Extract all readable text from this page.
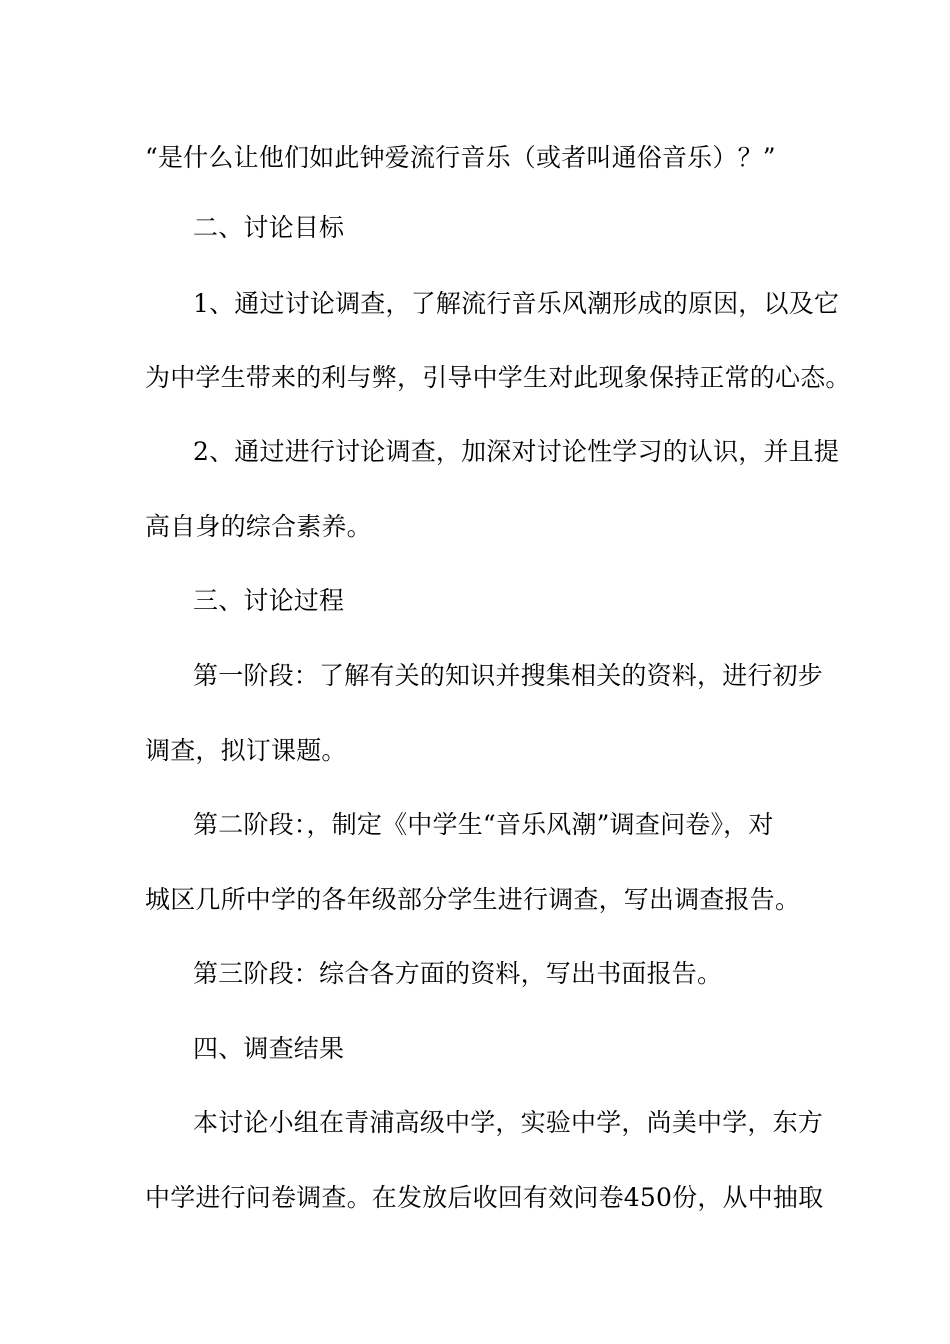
“是什么让他们如此钟爱流行音乐（或者叫通俗音乐）？”
二、讨论目标
1、通过讨论调查，了解流行音乐风潮形成的原因，以及它
为中学生带来的利与弊，引导中学生对此现象保持正常的心态。
2、通过进行讨论调查，加深对讨论性学习的认识，并且提
高自身的综合素养。
三、讨论过程
第一阶段：了解有关的知识并搜集相关的资料，进行初步
调查，拟订课题。
第二阶段：，制定《中学生“音乐风潮”调查问卷》，对
城区几所中学的各年级部分学生进行调查，写出调查报告。
第三阶段：综合各方面的资料，写出书面报告。
四、调查结果
本讨论小组在青浦高级中学，实验中学，尚美中学，东方
中学进行问卷调查。在发放后收回有效问卷450份，从中抽取
